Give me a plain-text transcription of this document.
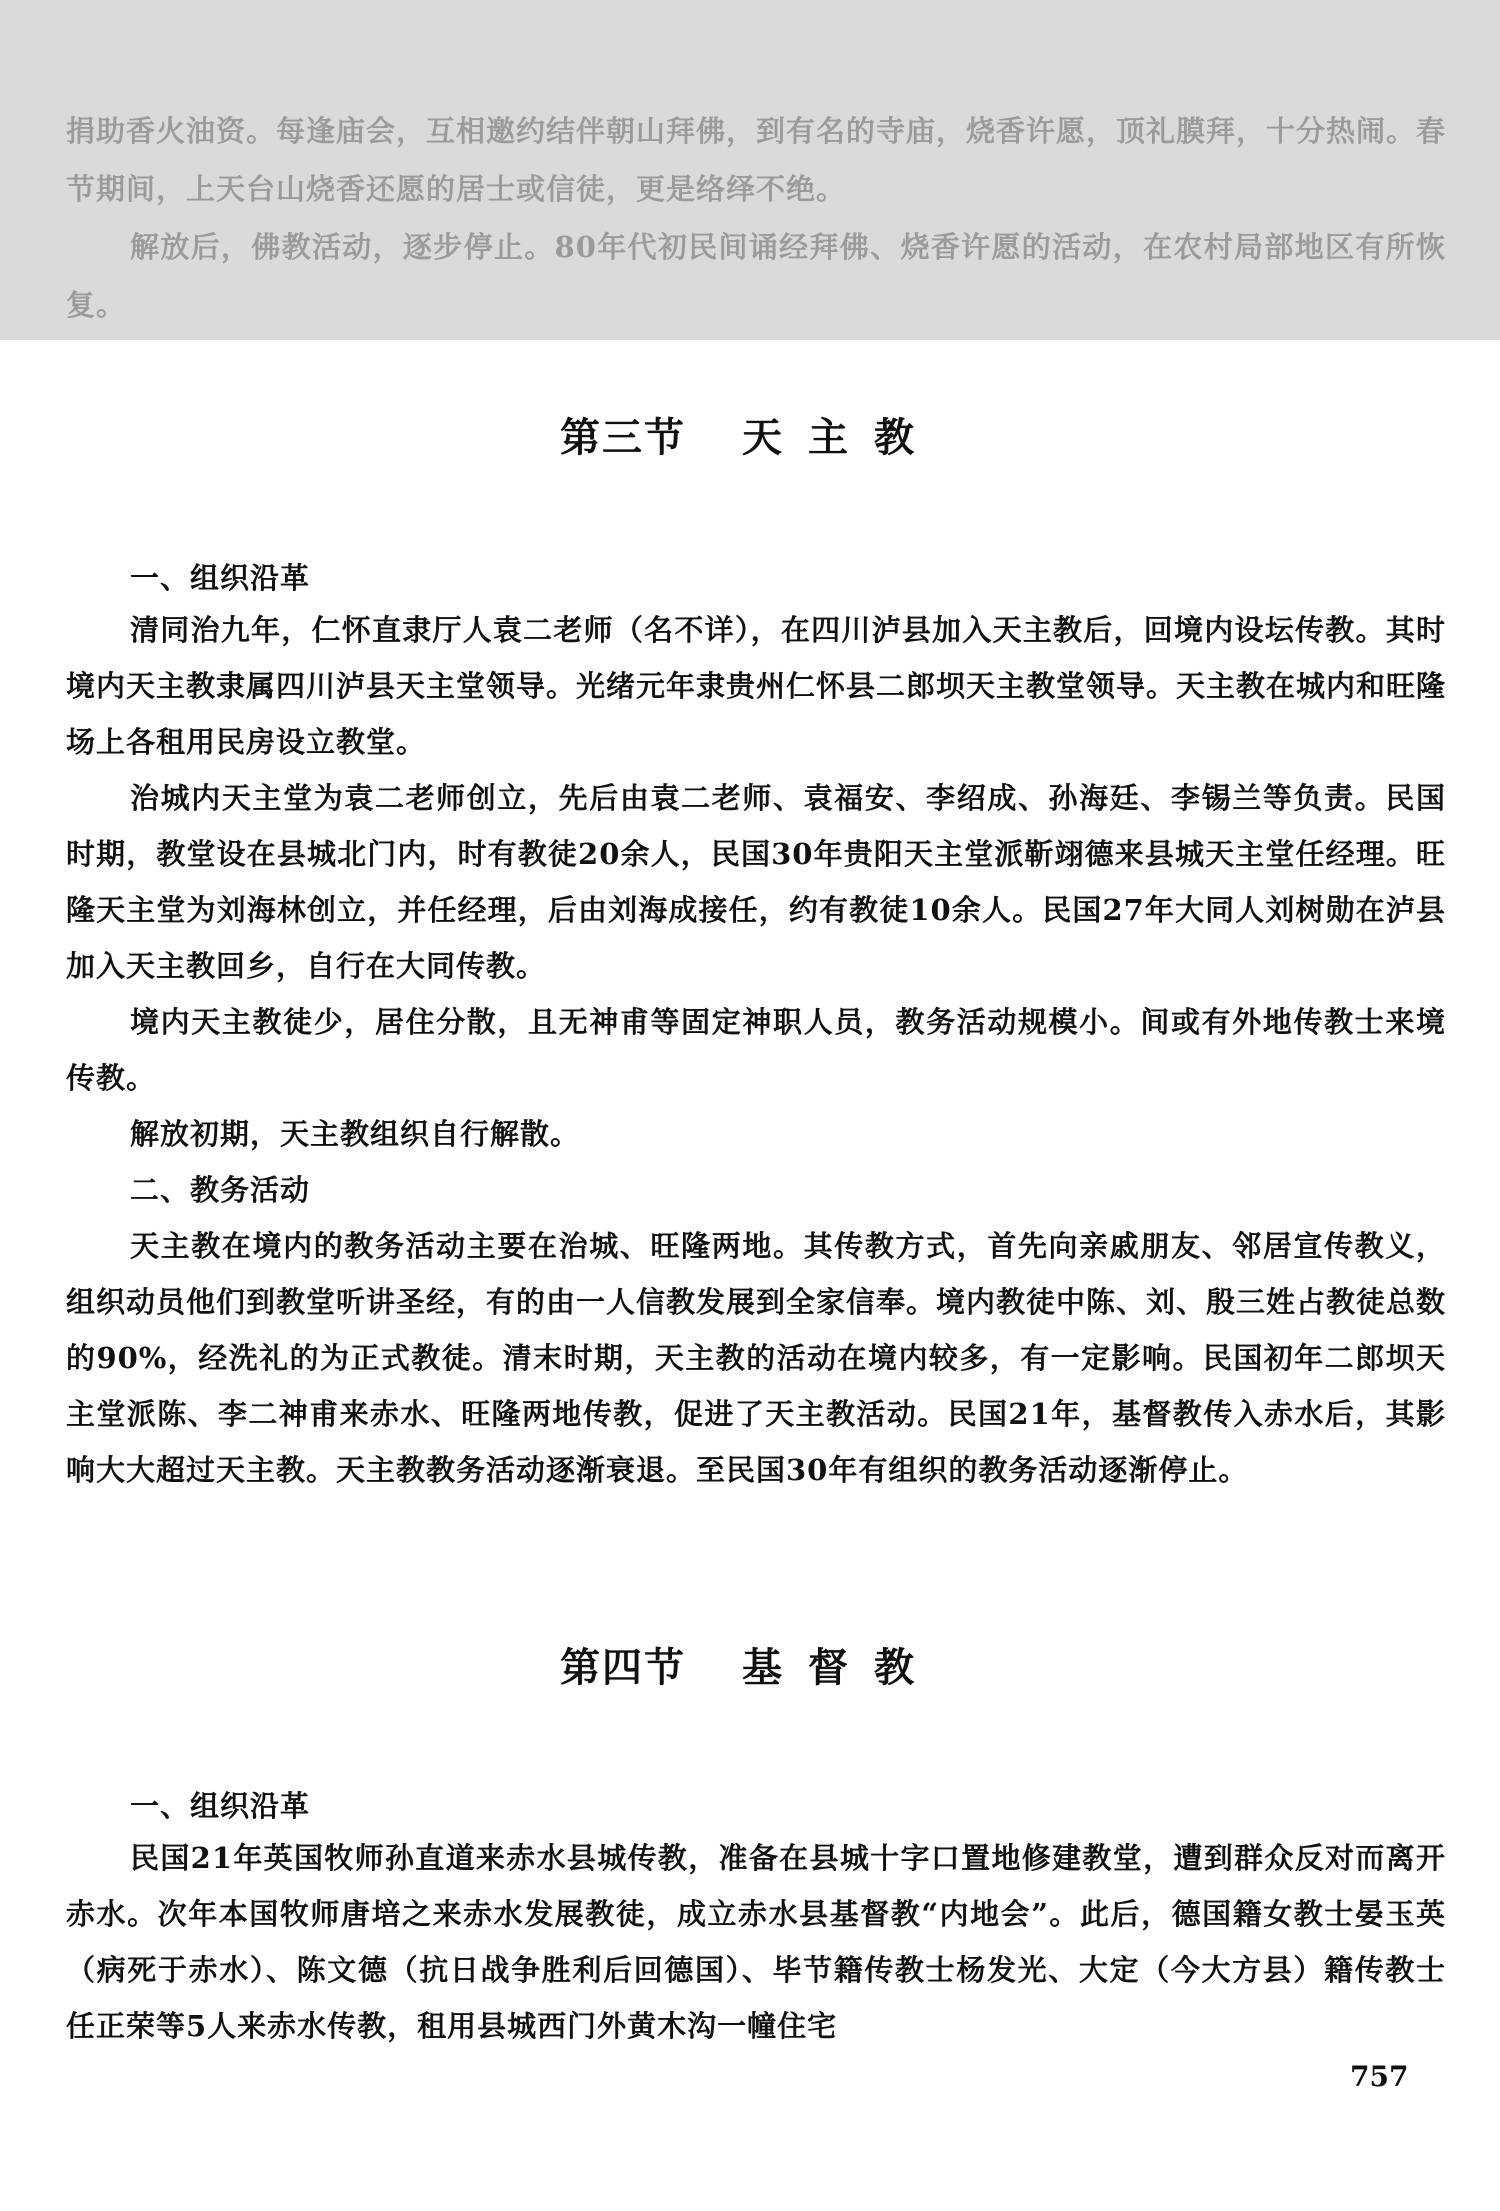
捐助香火油资。每逢庙会，互相邀约结伴朝山拜佛，到有名的寺庙，烧香许愿，顶礼膜拜，十分热闹。春节期间，上天台山烧香还愿的居士或信徒，更是络绎不绝。

解放后，佛教活动，逐步停止。80年代初民间诵经拜佛、烧香许愿的活动，在农村局部地区有所恢复。

第三节 天主教
一、组织沿革

清同治九年，仁怀直隶厅人袁二老师（名不详），在四川泸县加入天主教后，回境内设坛传教。其时境内天主教隶属四川泸县天主堂领导。光绪元年隶贵州仁怀县二郎坝天主教堂领导。天主教在城内和旺隆场上各租用民房设立教堂。

治城内天主堂为袁二老师创立，先后由袁二老师、袁福安、李绍成、孙海廷、李锡兰等负责。民国时期，教堂设在县城北门内，时有教徒20余人，民国30年贵阳天主堂派靳翊德来县城天主堂任经理。旺隆天主堂为刘海林创立，并任经理，后由刘海成接任，约有教徒10余人。民国27年大同人刘树勋在泸县加入天主教回乡，自行在大同传教。

境内天主教徒少，居住分散，且无神甫等固定神职人员，教务活动规模小。间或有外地传教士来境传教。

解放初期，天主教组织自行解散。

二、教务活动

天主教在境内的教务活动主要在治城、旺隆两地。其传教方式，首先向亲戚朋友、邻居宣传教义，组织动员他们到教堂听讲圣经，有的由一人信教发展到全家信奉。境内教徒中陈、刘、殷三姓占教徒总数的90%，经洗礼的为正式教徒。清末时期，天主教的活动在境内较多，有一定影响。民国初年二郎坝天主堂派陈、李二神甫来赤水、旺隆两地传教，促进了天主教活动。民国21年，基督教传入赤水后，其影响大大超过天主教。天主教教务活动逐渐衰退。至民国30年有组织的教务活动逐渐停止。

第四节 基督教
一、组织沿革

民国21年英国牧师孙直道来赤水县城传教，准备在县城十字口置地修建教堂，遭到群众反对而离开赤水。次年本国牧师唐培之来赤水发展教徒，成立赤水县基督教“内地会”。此后，德国籍女教士晏玉英（病死于赤水）、陈文德（抗日战争胜利后回德国）、毕节籍传教士杨发光、大定（今大方县）籍传教士任正荣等5人来赤水传教，租用县城西门外黄木沟一幢住宅

757
